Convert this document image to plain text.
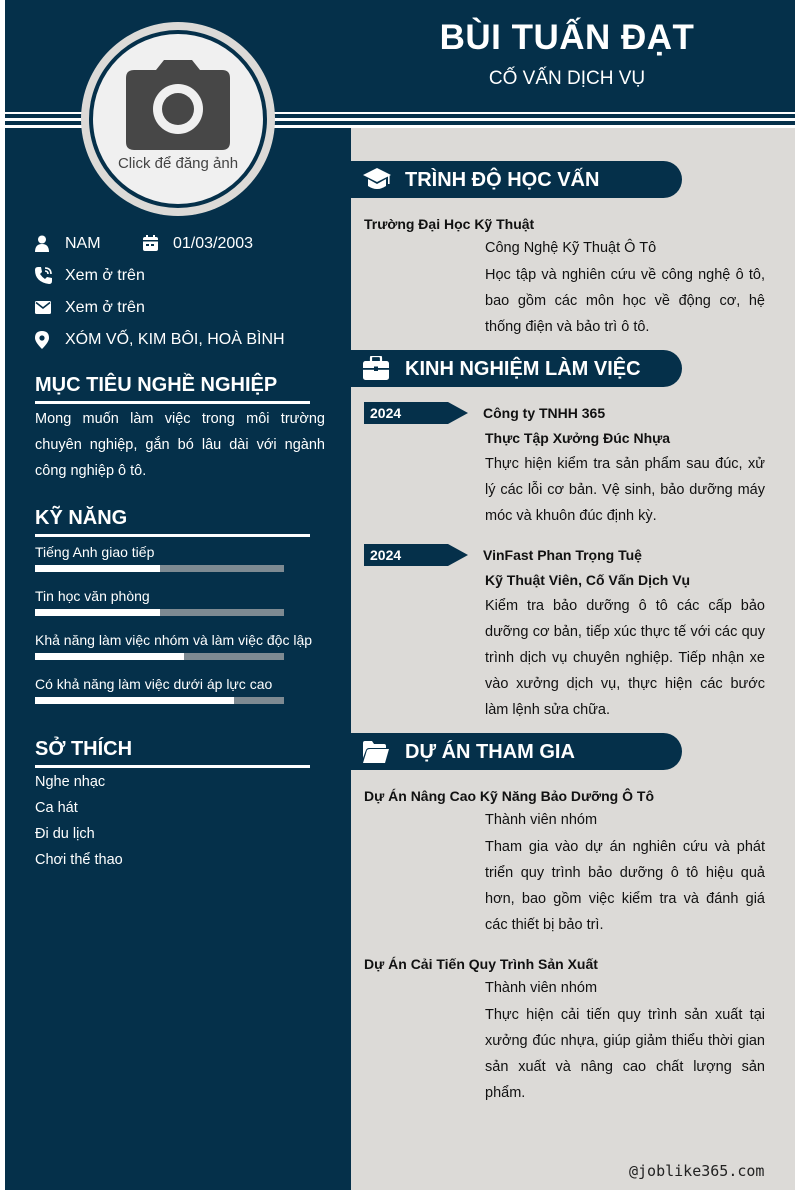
BÙI TUẤN ĐẠT
CỐ VẤN DỊCH VỤ
Click để đăng ảnh
NAM	01/03/2003
Xem ở trên
Xem ở trên
XÓM VỐ, KIM BÔI, HOÀ BÌNH
MỤC TIÊU NGHỀ NGHIỆP
Mong muốn làm việc trong môi trường chuyên nghiệp, gắn bó lâu dài với ngành công nghiệp ô tô.
KỸ NĂNG
Tiếng Anh giao tiếp
Tin học văn phòng
Khả năng làm việc nhóm và làm việc độc lập
Có khả năng làm việc dưới áp lực cao
SỞ THÍCH
Nghe nhạc
Ca hát
Đi du lịch
Chơi thể thao
TRÌNH ĐỘ HỌC VẤN
Trường Đại Học Kỹ Thuật
Công Nghệ Kỹ Thuật Ô Tô
Học tập và nghiên cứu về công nghệ ô tô, bao gồm các môn học về động cơ, hệ thống điện và bảo trì ô tô.
KINH NGHIỆM LÀM VIỆC
2024	Công ty TNHH 365
Thực Tập Xưởng Đúc Nhựa
Thực hiện kiểm tra sản phẩm sau đúc, xử lý các lỗi cơ bản. Vệ sinh, bảo dưỡng máy móc và khuôn đúc định kỳ.
2024	VinFast Phan Trọng Tuệ
Kỹ Thuật Viên, Cố Vấn Dịch Vụ
Kiểm tra bảo dưỡng ô tô các cấp bảo dưỡng cơ bản, tiếp xúc thực tế với các quy trình dịch vụ chuyên nghiệp. Tiếp nhận xe vào xưởng dịch vụ, thực hiện các bước làm lệnh sửa chữa.
DỰ ÁN THAM GIA
Dự Án Nâng Cao Kỹ Năng Bảo Dưỡng Ô Tô
Thành viên nhóm
Tham gia vào dự án nghiên cứu và phát triển quy trình bảo dưỡng ô tô hiệu quả hơn, bao gồm việc kiểm tra và đánh giá các thiết bị bảo trì.
Dự Án Cải Tiến Quy Trình Sản Xuất
Thành viên nhóm
Thực hiện cải tiến quy trình sản xuất tại xưởng đúc nhựa, giúp giảm thiểu thời gian sản xuất và nâng cao chất lượng sản phẩm.
@joblike365.com
